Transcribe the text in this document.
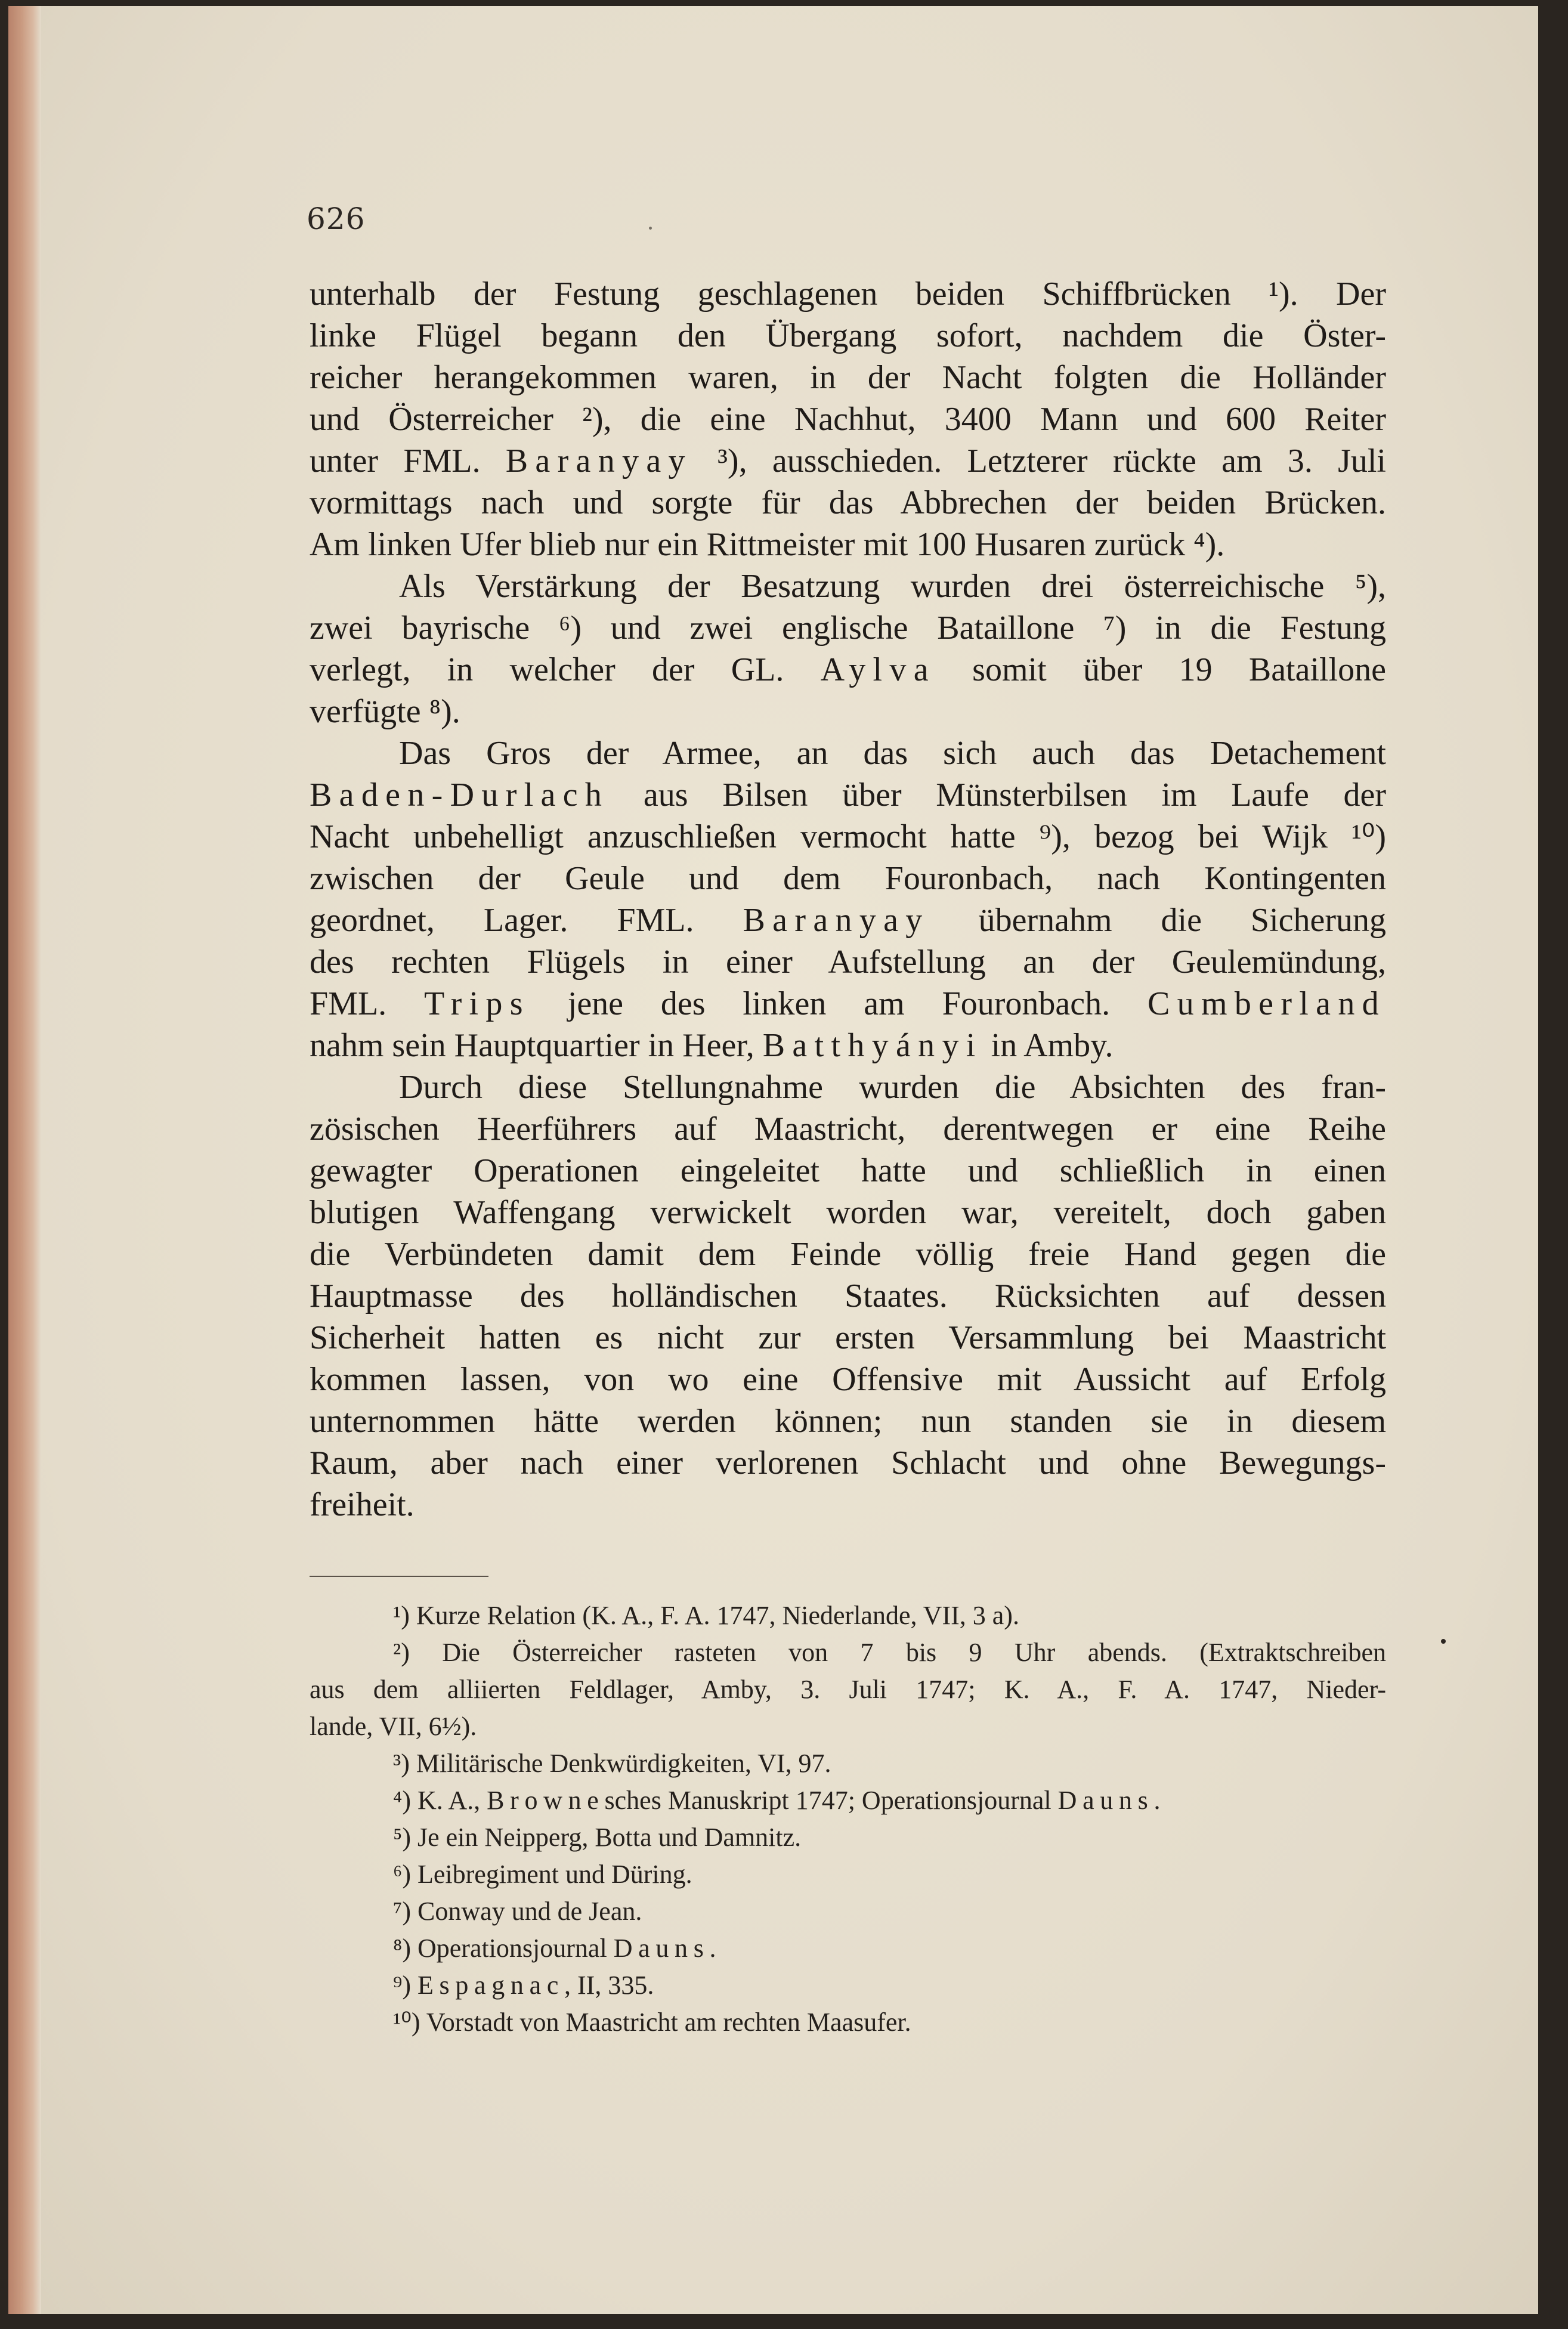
626
unterhalb der Festung geschlagenen beiden Schiffbrücken ¹). Der
linke Flügel begann den Übergang sofort, nachdem die Öster-
reicher herangekommen waren, in der Nacht folgten die Holländer
und Österreicher ²), die eine Nachhut, 3400 Mann und 600 Reiter
unter FML. Baranyay ³), ausschieden. Letzterer rückte am 3. Juli
vormittags nach und sorgte für das Abbrechen der beiden Brücken.
Am linken Ufer blieb nur ein Rittmeister mit 100 Husaren zurück ⁴).
Als Verstärkung der Besatzung wurden drei österreichische ⁵),
zwei bayrische ⁶) und zwei englische Bataillone ⁷) in die Festung
verlegt, in welcher der GL. Aylva somit über 19 Bataillone
verfügte ⁸).
Das Gros der Armee, an das sich auch das Detachement
Baden-Durlach aus Bilsen über Münsterbilsen im Laufe der
Nacht unbehelligt anzuschließen vermocht hatte ⁹), bezog bei Wijk ¹⁰)
zwischen der Geule und dem Fouronbach, nach Kontingenten
geordnet, Lager. FML. Baranyay übernahm die Sicherung
des rechten Flügels in einer Aufstellung an der Geulemündung,
FML. Trips jene des linken am Fouronbach. Cumberland
nahm sein Hauptquartier in Heer, Batthyányi in Amby.
Durch diese Stellungnahme wurden die Absichten des fran-
zösischen Heerführers auf Maastricht, derentwegen er eine Reihe
gewagter Operationen eingeleitet hatte und schließlich in einen
blutigen Waffengang verwickelt worden war, vereitelt, doch gaben
die Verbündeten damit dem Feinde völlig freie Hand gegen die
Hauptmasse des holländischen Staates. Rücksichten auf dessen
Sicherheit hatten es nicht zur ersten Versammlung bei Maastricht
kommen lassen, von wo eine Offensive mit Aussicht auf Erfolg
unternommen hätte werden können; nun standen sie in diesem
Raum, aber nach einer verlorenen Schlacht und ohne Bewegungs-
freiheit.
¹) Kurze Relation (K. A., F. A. 1747, Niederlande, VII, 3 a).
²) Die Österreicher rasteten von 7 bis 9 Uhr abends. (Extraktschreiben
aus dem alliierten Feldlager, Amby, 3. Juli 1747; K. A., F. A. 1747, Nieder-
lande, VII, 6½).
³) Militärische Denkwürdigkeiten, VI, 97.
⁴) K. A., Brownesches Manuskript 1747; Operationsjournal Dauns.
⁵) Je ein Neipperg, Botta und Damnitz.
⁶) Leibregiment und Düring.
⁷) Conway und de Jean.
⁸) Operationsjournal Dauns.
⁹) Espagnac, II, 335.
¹⁰) Vorstadt von Maastricht am rechten Maasufer.
